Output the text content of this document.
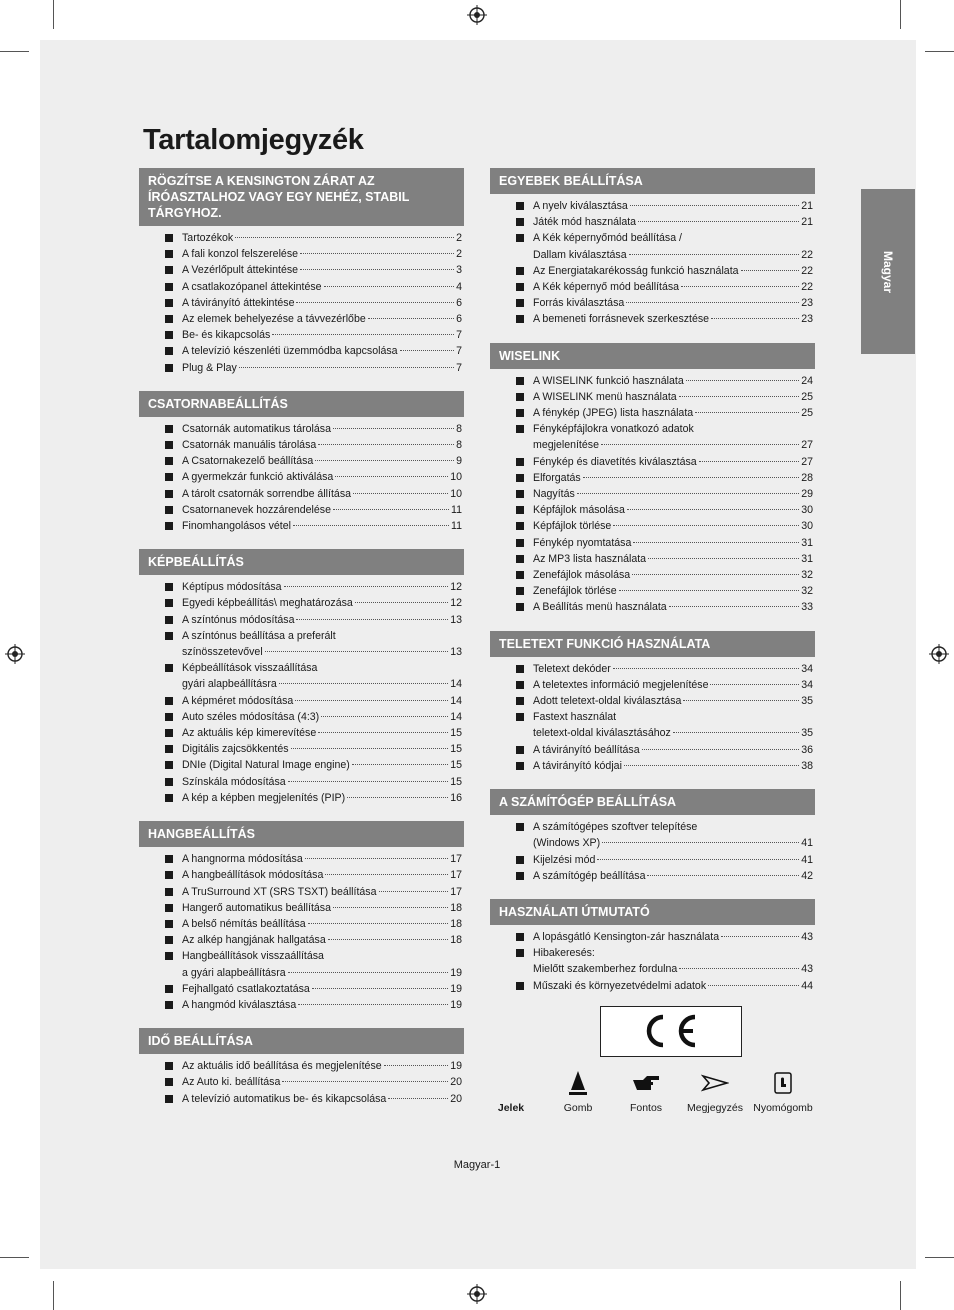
Tartalomjegyzék
Magyar
RÖGZÍTSE A KENSINGTON ZÁRAT AZ ÍRÓASZTALHOZ VAGY EGY NEHÉZ, STABIL TÁRGYHOZ.
Tartozékok	2
A fali konzol felszerelése	2
A Vezérlőpult áttekintése	3
A csatlakozópanel áttekintése	4
A távirányító áttekintése	6
Az elemek behelyezése a távvezérlőbe	6
Be- és kikapcsolás	7
A televízió készenléti üzemmódba kapcsolása	7
Plug & Play	7
CSATORNABEÁLLÍTÁS
Csatornák automatikus tárolása	8
Csatornák manuális tárolása	8
A Csatornakezelő beállítása	9
A gyermekzár funkció aktiválása	10
A tárolt csatornák sorrendbe állítása	10
Csatornanevek hozzárendelése	11
Finomhangolásos vétel	11
KÉPBEÁLLÍTÁS
Képtípus módosítása	12
Egyedi képbeállítás\ meghatározása	12
A színtónus módosítása	13
A színtónus beállítása a preferált
színösszetevővel	13
Képbeállítások visszaállítása
gyári alapbeállításra	14
A képméret módosítása	14
Auto széles módosítása (4:3)	14
Az aktuális kép kimerevítése	15
Digitális zajcsökkentés	15
DNIe (Digital Natural Image engine)	15
Színskála módosítása	15
A kép a képben megjelenítés (PIP)	16
HANGBEÁLLÍTÁS
A hangnorma módosítása	17
A hangbeállítások módosítása	17
A TruSurround XT (SRS TSXT) beállítása	17
Hangerő automatikus beállítása	18
A belső némítás beállítása	18
Az alkép hangjának hallgatása	18
Hangbeállítások visszaállítása
a gyári alapbeállításra	19
Fejhallgató csatlakoztatása	19
A hangmód kiválasztása	19
IDŐ BEÁLLÍTÁSA
Az aktuális idő beállítása és megjelenítése	19
Az Auto ki. beállítása	20
A televízió automatikus be- és kikapcsolása	20
EGYEBEK BEÁLLÍTÁSA
A nyelv kiválasztása	21
Játék mód használata	21
A Kék képernyőmód beállítása /
Dallam kiválasztása	22
Az Energiatakarékosság funkció használata	22
A Kék képernyő mód beállítása	22
Forrás kiválasztása	23
A bemeneti forrásnevek szerkesztése	23
WISELINK
A WISELINK funkció használata	24
A WISELINK menü használata	25
A fénykép (JPEG) lista használata	25
Fényképfájlokra vonatkozó adatok
megjelenítése	27
Fénykép és diavetítés kiválasztása	27
Elforgatás	28
Nagyítás	29
Képfájlok másolása	30
Képfájlok törlése	30
Fénykép nyomtatása	31
Az MP3 lista használata	31
Zenefájlok másolása	32
Zenefájlok törlése	32
A Beállítás menü használata	33
TELETEXT FUNKCIÓ HASZNÁLATA
Teletext dekóder	34
A teletextes információ megjelenítése	34
Adott teletext-oldal kiválasztása	35
Fastext használat
teletext-oldal kiválasztásához	35
A távirányító beállítása	36
A távirányító kódjai	38
A SZÁMÍTÓGÉP BEÁLLÍTÁSA
A számítógépes szoftver telepítése
(Windows XP)	41
Kijelzési mód	41
A számítógép beállítása	42
HASZNÁLATI ÚTMUTATÓ
A lopásgátló Kensington-zár használata	43
Hibakeresés:
Mielőtt szakemberhez fordulna	43
Műszaki és környezetvédelmi adatok	44
Jelek	Gomb	Fontos	Megjegyzés Nyomógomb
Magyar-1
